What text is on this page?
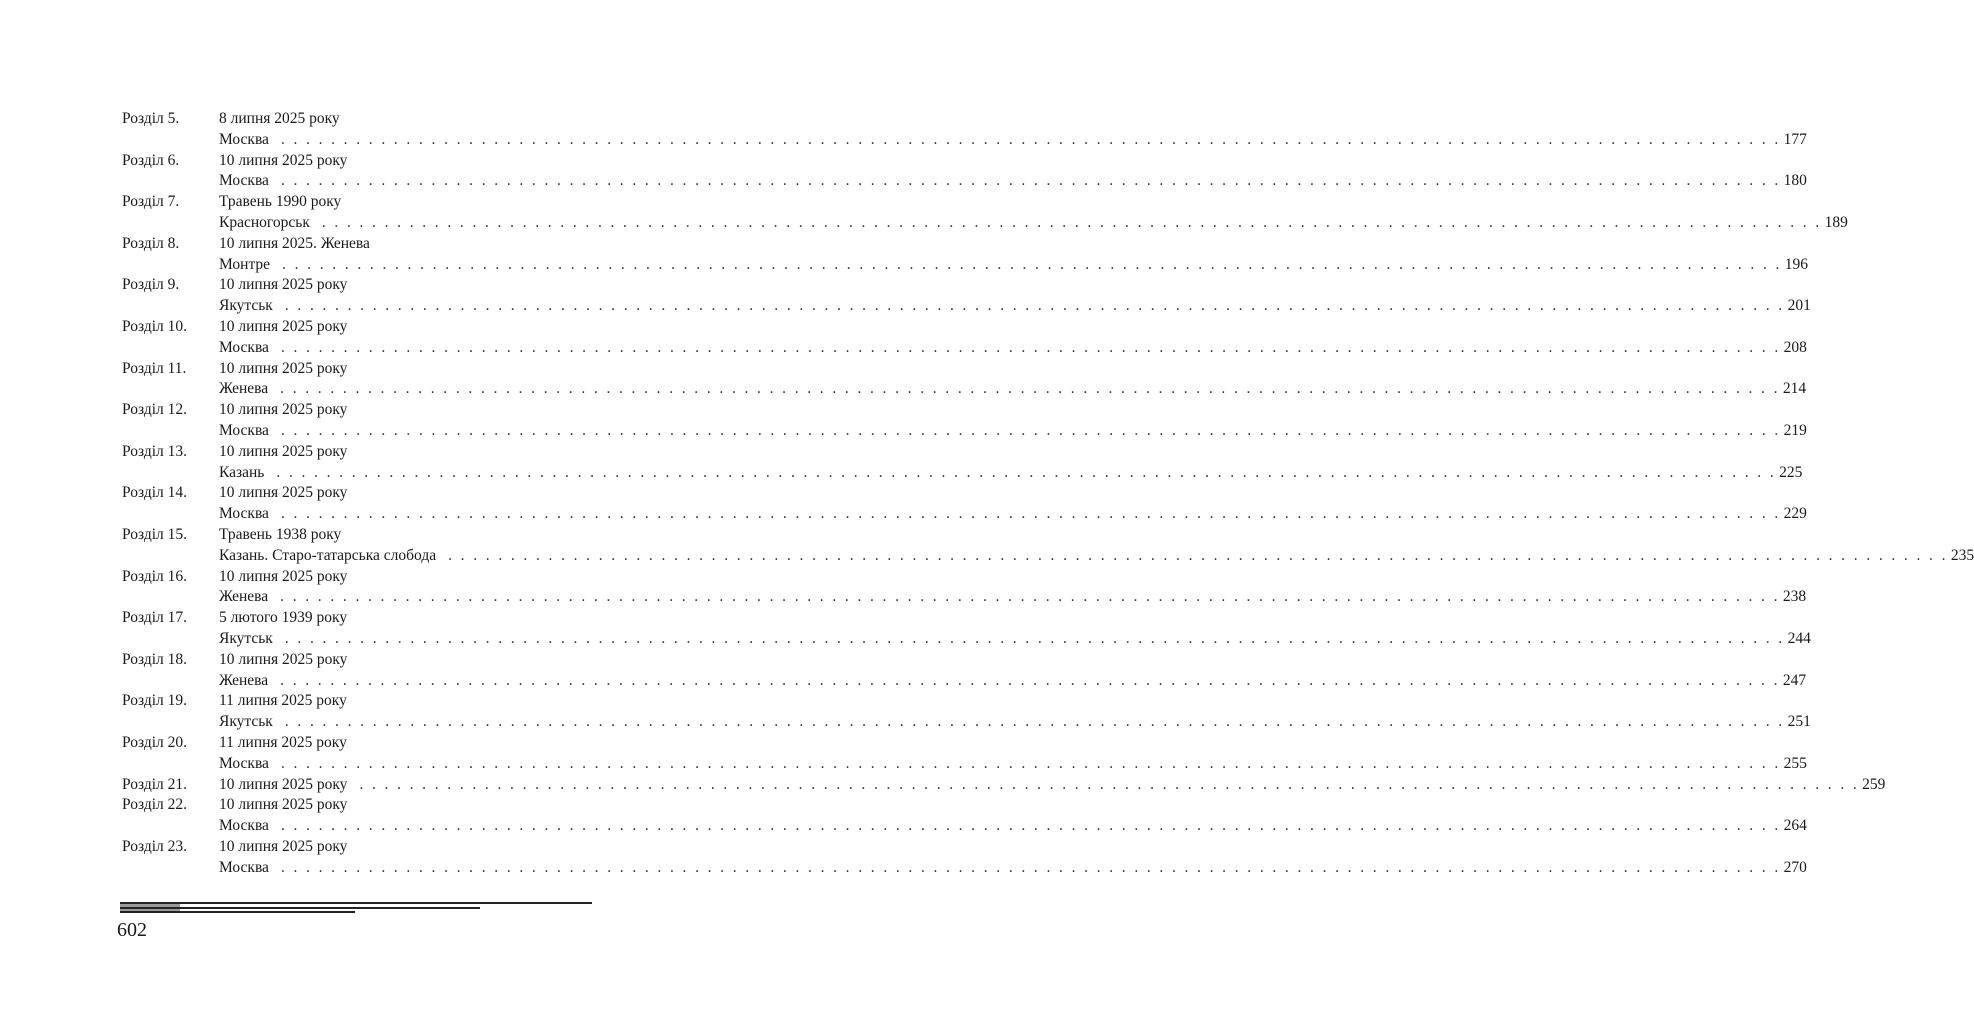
Розділ 5.	8 липня 2025 року
Москва . . . . . . . . . . . . . . . . . . . . . . . . . . . . . . . . . . . . . . . . . . . . . . . . . . . . . . . . . . . . . . . . . . . . . . . . . . . . . . . . . . . . . . . . . . . . . . . . . . . . . . . . . . . . . . . . . . . . . . . . 177
Розділ 6.	10 липня 2025 року
Москва . . . . . . . . . . . . . . . . . . . . . . . . . . . . . . . . . . . . . . . . . . . . . . . . . . . . . . . . . . . . . . . . . . . . . . . . . . . . . . . . . . . . . . . . . . . . . . . . . . . . . . . . . . . . . . . . . . . . . . . . 180
Розділ 7.	Травень 1990 року
Красногорськ . . . . . . . . . . . . . . . . . . . . . . . . . . . . . . . . . . . . . . . . . . . . . . . . . . . . . . . . . . . . . . . . . . . . . . . . . . . . . . . . . . . . . . . . . . . . . . . . . . . . . . . . . . . . . . . . . . . . . . . . 189
Розділ 8.	10 липня 2025. Женева
Монтре . . . . . . . . . . . . . . . . . . . . . . . . . . . . . . . . . . . . . . . . . . . . . . . . . . . . . . . . . . . . . . . . . . . . . . . . . . . . . . . . . . . . . . . . . . . . . . . . . . . . . . . . . . . . . . . . . . . . . . . . 196
Розділ 9.	10 липня 2025 року
Якутськ . . . . . . . . . . . . . . . . . . . . . . . . . . . . . . . . . . . . . . . . . . . . . . . . . . . . . . . . . . . . . . . . . . . . . . . . . . . . . . . . . . . . . . . . . . . . . . . . . . . . . . . . . . . . . . . . . . . . . . . . 201
Розділ 10. 10 липня 2025 року
Москва . . . . . . . . . . . . . . . . . . . . . . . . . . . . . . . . . . . . . . . . . . . . . . . . . . . . . . . . . . . . . . . . . . . . . . . . . . . . . . . . . . . . . . . . . . . . . . . . . . . . . . . . . . . . . . . . . . . . . . . . 208
Розділ 11. 10 липня 2025 року
Женева . . . . . . . . . . . . . . . . . . . . . . . . . . . . . . . . . . . . . . . . . . . . . . . . . . . . . . . . . . . . . . . . . . . . . . . . . . . . . . . . . . . . . . . . . . . . . . . . . . . . . . . . . . . . . . . . . . . . . . . . 214
Розділ 12. 10 липня 2025 року
Москва . . . . . . . . . . . . . . . . . . . . . . . . . . . . . . . . . . . . . . . . . . . . . . . . . . . . . . . . . . . . . . . . . . . . . . . . . . . . . . . . . . . . . . . . . . . . . . . . . . . . . . . . . . . . . . . . . . . . . . . . 219
Розділ 13. 10 липня 2025 року
Казань . . . . . . . . . . . . . . . . . . . . . . . . . . . . . . . . . . . . . . . . . . . . . . . . . . . . . . . . . . . . . . . . . . . . . . . . . . . . . . . . . . . . . . . . . . . . . . . . . . . . . . . . . . . . . . . . . . . . . . . . 225
Розділ 14. 10 липня 2025 року
Москва . . . . . . . . . . . . . . . . . . . . . . . . . . . . . . . . . . . . . . . . . . . . . . . . . . . . . . . . . . . . . . . . . . . . . . . . . . . . . . . . . . . . . . . . . . . . . . . . . . . . . . . . . . . . . . . . . . . . . . . . 229
Розділ 15. Травень 1938 року
Казань. Старо-татарська слобода . . . . . . . . . . . . . . . . . . . . . . . . . . . . . . . . . . . . . . . . . . . . . . . . . . . . . . . . . . . . . . . . . . . . . . . . . . . . . . . . . . . . . . . . . . . . . . . . . . . . . . . . . . . . . . . . . . . . . . . . 235
Розділ 16. 10 липня 2025 року
Женева . . . . . . . . . . . . . . . . . . . . . . . . . . . . . . . . . . . . . . . . . . . . . . . . . . . . . . . . . . . . . . . . . . . . . . . . . . . . . . . . . . . . . . . . . . . . . . . . . . . . . . . . . . . . . . . . . . . . . . . . 238
Розділ 17. 5 лютого 1939 року
Якутськ . . . . . . . . . . . . . . . . . . . . . . . . . . . . . . . . . . . . . . . . . . . . . . . . . . . . . . . . . . . . . . . . . . . . . . . . . . . . . . . . . . . . . . . . . . . . . . . . . . . . . . . . . . . . . . . . . . . . . . . . 244
Розділ 18. 10 липня 2025 року
Женева . . . . . . . . . . . . . . . . . . . . . . . . . . . . . . . . . . . . . . . . . . . . . . . . . . . . . . . . . . . . . . . . . . . . . . . . . . . . . . . . . . . . . . . . . . . . . . . . . . . . . . . . . . . . . . . . . . . . . . . . 247
Розділ 19. 11 липня 2025 року
Якутськ . . . . . . . . . . . . . . . . . . . . . . . . . . . . . . . . . . . . . . . . . . . . . . . . . . . . . . . . . . . . . . . . . . . . . . . . . . . . . . . . . . . . . . . . . . . . . . . . . . . . . . . . . . . . . . . . . . . . . . . . 251
Розділ 20. 11 липня 2025 року
Москва . . . . . . . . . . . . . . . . . . . . . . . . . . . . . . . . . . . . . . . . . . . . . . . . . . . . . . . . . . . . . . . . . . . . . . . . . . . . . . . . . . . . . . . . . . . . . . . . . . . . . . . . . . . . . . . . . . . . . . . . 255
Розділ 21. 10 липня 2025 року . . . . . . . . . . . . . . . . . . . . . . . . . . . . . . . . . . . . . . . . . . . . . . . . . . . . . . . . . . . . . . . . . . . . . . . . . . . . . . . . . . . . . . . . . . . . . . . . . . . . . . . . . . . . . . . . . . . . . . . . 259
Розділ 22. 10 липня 2025 року
Москва . . . . . . . . . . . . . . . . . . . . . . . . . . . . . . . . . . . . . . . . . . . . . . . . . . . . . . . . . . . . . . . . . . . . . . . . . . . . . . . . . . . . . . . . . . . . . . . . . . . . . . . . . . . . . . . . . . . . . . . . 264
Розділ 23. 10 липня 2025 року
Москва . . . . . . . . . . . . . . . . . . . . . . . . . . . . . . . . . . . . . . . . . . . . . . . . . . . . . . . . . . . . . . . . . . . . . . . . . . . . . . . . . . . . . . . . . . . . . . . . . . . . . . . . . . . . . . . . . . . . . . . . 270
602
